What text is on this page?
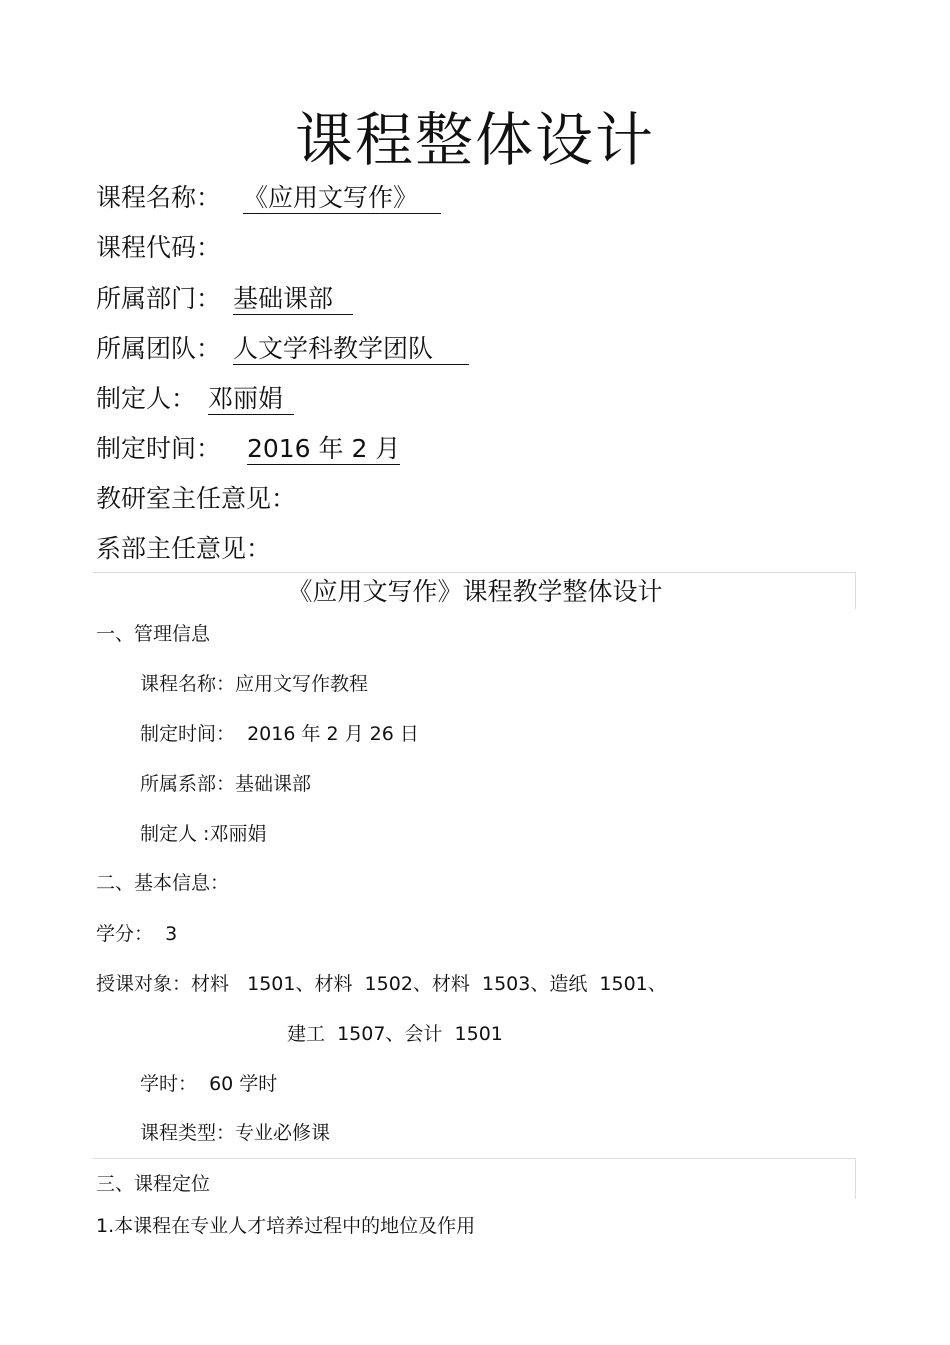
课程整体设计
课程名称： 《应用文写作》
课程代码：
所属部门： 基础课部
所属团队： 人文学科教学团队
制定人： 邓丽娟
制定时间： 2016 年 2 月
教研室主任意见：
系部主任意见：
《应用文写作》课程教学整体设计
一、管理信息
课程名称：应用文写作教程
制定时间：  2016 年 2 月 26 日
所属系部：基础课部
制定人 :邓丽娟
二、基本信息：
学分：  3
授课对象：材料   1501、材料  1502、材料  1503、造纸  1501、
建工  1507、会计  1501
学时：  60 学时
课程类型：专业必修课
三、课程定位
1.本课程在专业人才培养过程中的地位及作用
